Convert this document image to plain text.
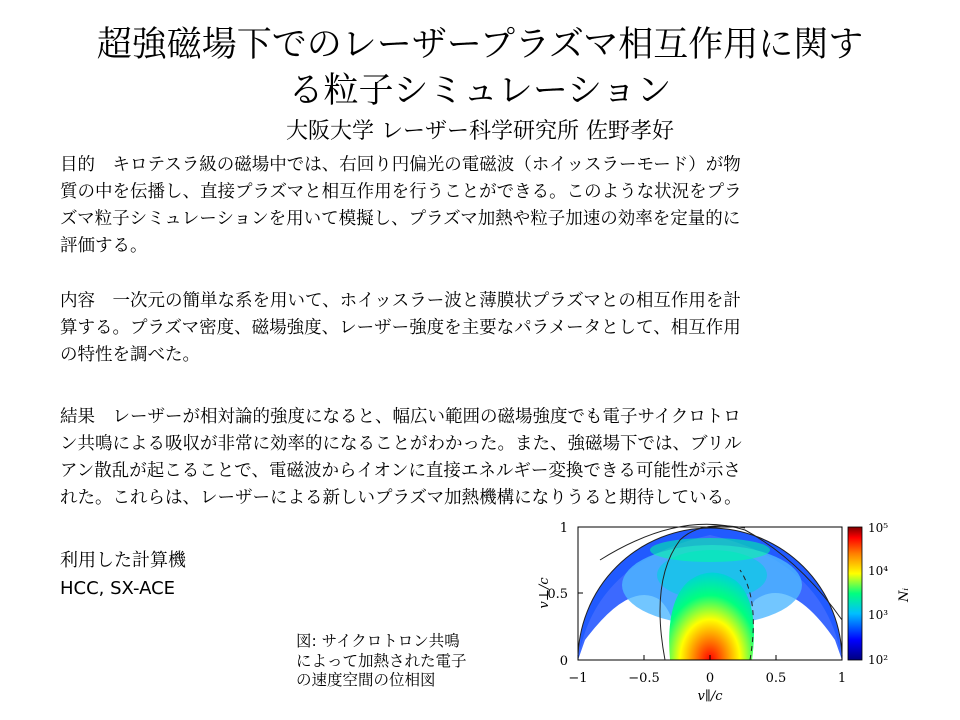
超強磁場下でのレーザープラズマ相互作用に関す
る粒子シミュレーション
大阪大学 レーザー科学研究所 佐野孝好
目的　キロテスラ級の磁場中では、右回り円偏光の電磁波（ホイッスラーモード）が物
質の中を伝播し、直接プラズマと相互作用を行うことができる。このような状況をプラ
ズマ粒子シミュレーションを用いて模擬し、プラズマ加熱や粒子加速の効率を定量的に
評価する。
内容　一次元の簡単な系を用いて、ホイッスラー波と薄膜状プラズマとの相互作用を計
算する。プラズマ密度、磁場強度、レーザー強度を主要なパラメータとして、相互作用
の特性を調べた。
結果　レーザーが相対論的強度になると、幅広い範囲の磁場強度でも電子サイクロトロ
ン共鳴による吸収が非常に効率的になることがわかった。また、強磁場下では、ブリル
アン散乱が起こることで、電磁波からイオンに直接エネルギー変換できる可能性が示さ
れた。これらは、レーザーによる新しいプラズマ加熱機構になりうると期待している。
利用した計算機
HCC, SX-ACE
図: サイクロトロン共鳴
によって加熱された電子
の速度空間の位相図	−1	−0.5	0	0.5	1
v∥/c
0
0.5
1
v⊥/c
10⁵
10⁴
10³
10²
Nᵢ
